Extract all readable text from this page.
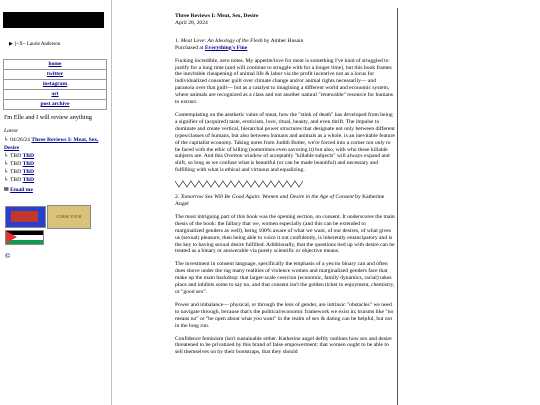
▶ [~X~ Laurie Anderson
home
twitter
instagram
art
post archive
I'm Elle and I will review anything
Latest
↳ 04/26/24 Three Reviews I: Meat, Sex, Desire
↳ TBD TBD
↳ TBD TBD
↳ TBD TBD
↳ TBD TBD
✉ Email me
CURSE YOUR
©
Three Reviews I: Meat, Sex, Desire
April 28, 2024
1. Meat Love: An Ideology of the Flesh by Amber Husain
Purchased at Everything's Fine

Fucking incredible, zero notes. My appetite/love for meat is something I've kind of struggled to justify for a long time (and will continue to struggle with for a longer time), but this book frames the inevitable cheapening of animal life & labor via the profit incentive not as a locus for individualized consumer guilt over climate change and/or animal rights necessarily— and paranoia over that guilt— but as a catalyst to imagining a different world and economic system, where animals are recognized as a class and not another natural "renewable" resource for humans to extract.

Contemplating on the aesthetic value of meat, how the "stink of death" has developed from being a signifier of (acquired) taste, eroticism, love, ritual, beauty, and even thrift. The impulse to dominate and create vertical, hierarchal power structures that designate not only between different types/classes of humans, but also between humans and animals as a whole, is an inevitable feature of the capitalist economy. Taking notes from Judith Butler, we're forced into a corner not only to be faced with the ethic of killing (sometimes even savoring it) but also, with who these killable subjects are. And this Overton window of acceptably "killable subjects" will always expand and shift, so long as we confuse what is beautiful (or can be made beautiful) and necessary and fulfilling with what is ethical and virtuous and equalizing.

2. Tomorrow Sex Will Be Good Again: Women and Desire in the Age of Consent by Katherine Angel

The most intriguing part of this book was the opening section, on consent. It underscores the main thesis of the book: the fallacy that we, women especially (and this can be extended to marginalized genders as well), being 100% aware of what we want, of our desires, of what gives us (sexual) pleasure, then being able to voice it out confidently, is inherently emancipatory and is the key to having sexual desire fulfilled. Additionally, that the questions tied up with desire can be treated as a binary or answerable via purely scientific or objective means.

The investment in consent language, specifically the emphasis of a yes/no binary can and often does shove under the rug many realities of violence women and marginalized genders face that make up the main backdrop: that larger-scale coercion (economic, family dynamics, racial) takes place and inhibits some to say no, and that consent isn't the golden ticket to enjoyment, chemistry, or "good sex".

Power and imbalance— physical, or through the lens of gender, are intrinsic "obstacles" we need to navigate through, because that's the political/economic framework we exist in; truisms like "no means no" or "be open about what you want" in the realm of sex & dating can be helpful, but not in the long run.

Confidence feminism (isn't sustainable either. Katherine angel deftly outlines how sex and desire threatened to be privatized by this brand of false empowerment; that women ought to be able to sell themselves on by their bootstraps, that they should
